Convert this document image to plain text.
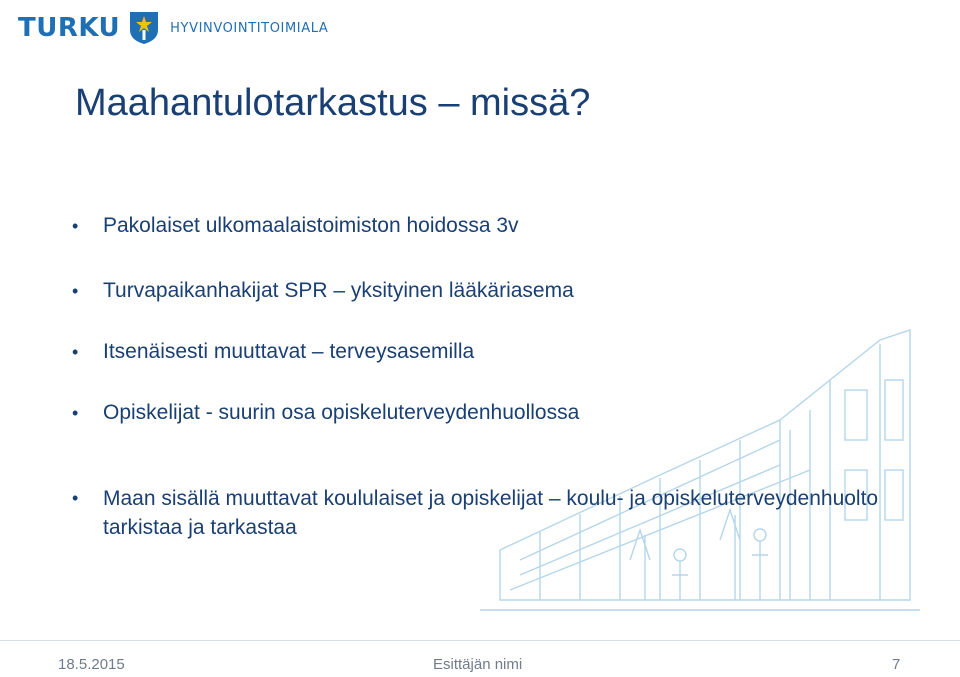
TURKU	HYVINVOINTITOIMIALA
Maahantulotarkastus – missä?
• Pakolaiset ulkomaalaistoimiston hoidossa 3v
• Turvapaikanhakijat SPR – yksityinen lääkäriasema
• Itsenäisesti muuttavat – terveysasemilla
• Opiskelijat - suurin osa opiskeluterveydenhuollossa
• Maan sisällä muuttavat koululaiset ja opiskelijat – koulu- ja opiskeluterveydenhuolto tarkistaa ja tarkastaa
18.5.2015	Esittäjän nimi	7
